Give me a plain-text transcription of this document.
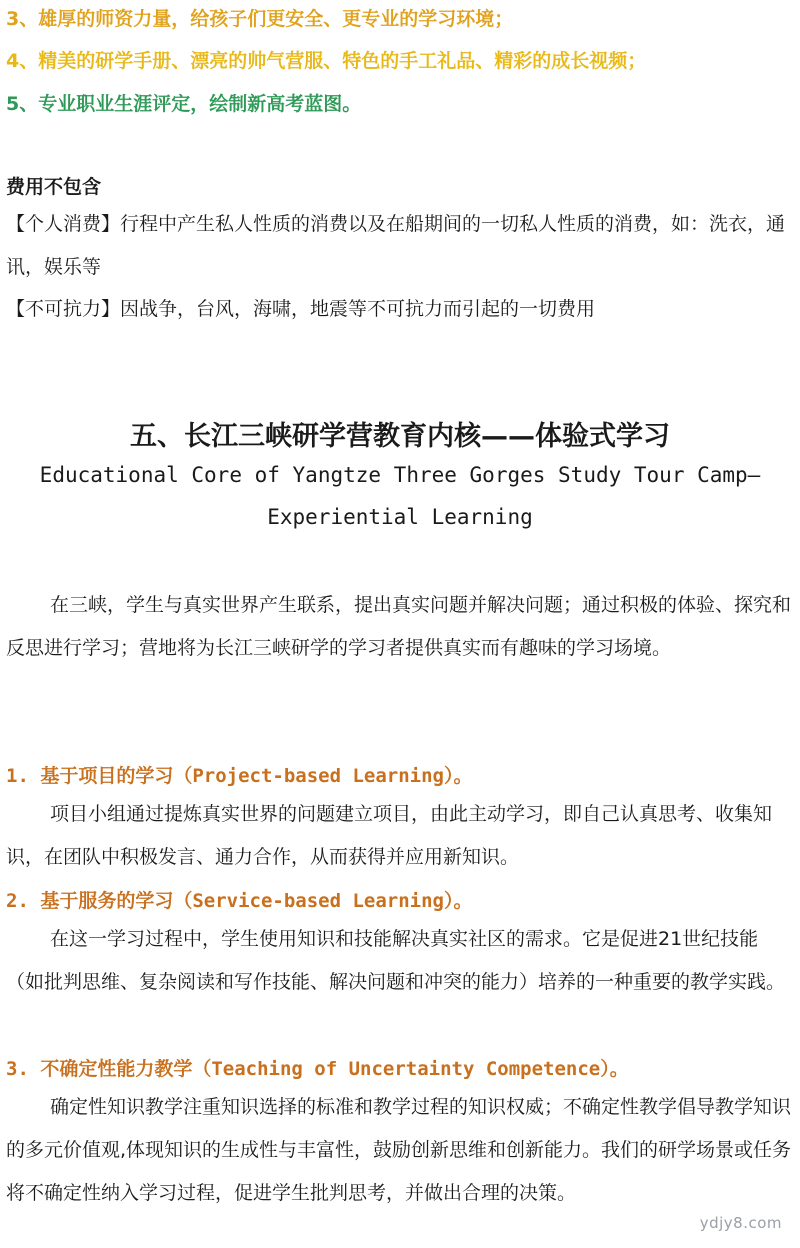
3、雄厚的师资力量，给孩子们更安全、更专业的学习环境；
4、精美的研学手册、漂亮的帅气营服、特色的手工礼品、精彩的成长视频；
5、专业职业生涯评定，绘制新高考蓝图。
费用不包含
【个人消费】行程中产生私人性质的消费以及在船期间的一切私人性质的消费，如：洗衣，通讯，娱乐等
【不可抗力】因战争，台风，海啸，地震等不可抗力而引起的一切费用
五、长江三峡研学营教育内核——体验式学习
Educational Core of Yangtze Three Gorges Study Tour Camp—
Experiential Learning
在三峡，学生与真实世界产生联系，提出真实问题并解决问题；通过积极的体验、探究和反思进行学习；营地将为长江三峡研学的学习者提供真实而有趣味的学习场境。
1. 基于项目的学习（Project-based Learning）。
项目小组通过提炼真实世界的问题建立项目，由此主动学习，即自己认真思考、收集知识，在团队中积极发言、通力合作，从而获得并应用新知识。
2. 基于服务的学习（Service-based Learning）。
在这一学习过程中，学生使用知识和技能解决真实社区的需求。它是促进21世纪技能（如批判思维、复杂阅读和写作技能、解决问题和冲突的能力）培养的一种重要的教学实践。
3. 不确定性能力教学（Teaching of Uncertainty Competence）。
确定性知识教学注重知识选择的标准和教学过程的知识权威；不确定性教学倡导教学知识的多元价值观,体现知识的生成性与丰富性，鼓励创新思维和创新能力。我们的研学场景或任务将不确定性纳入学习过程，促进学生批判思考，并做出合理的决策。
ydjy8.com
